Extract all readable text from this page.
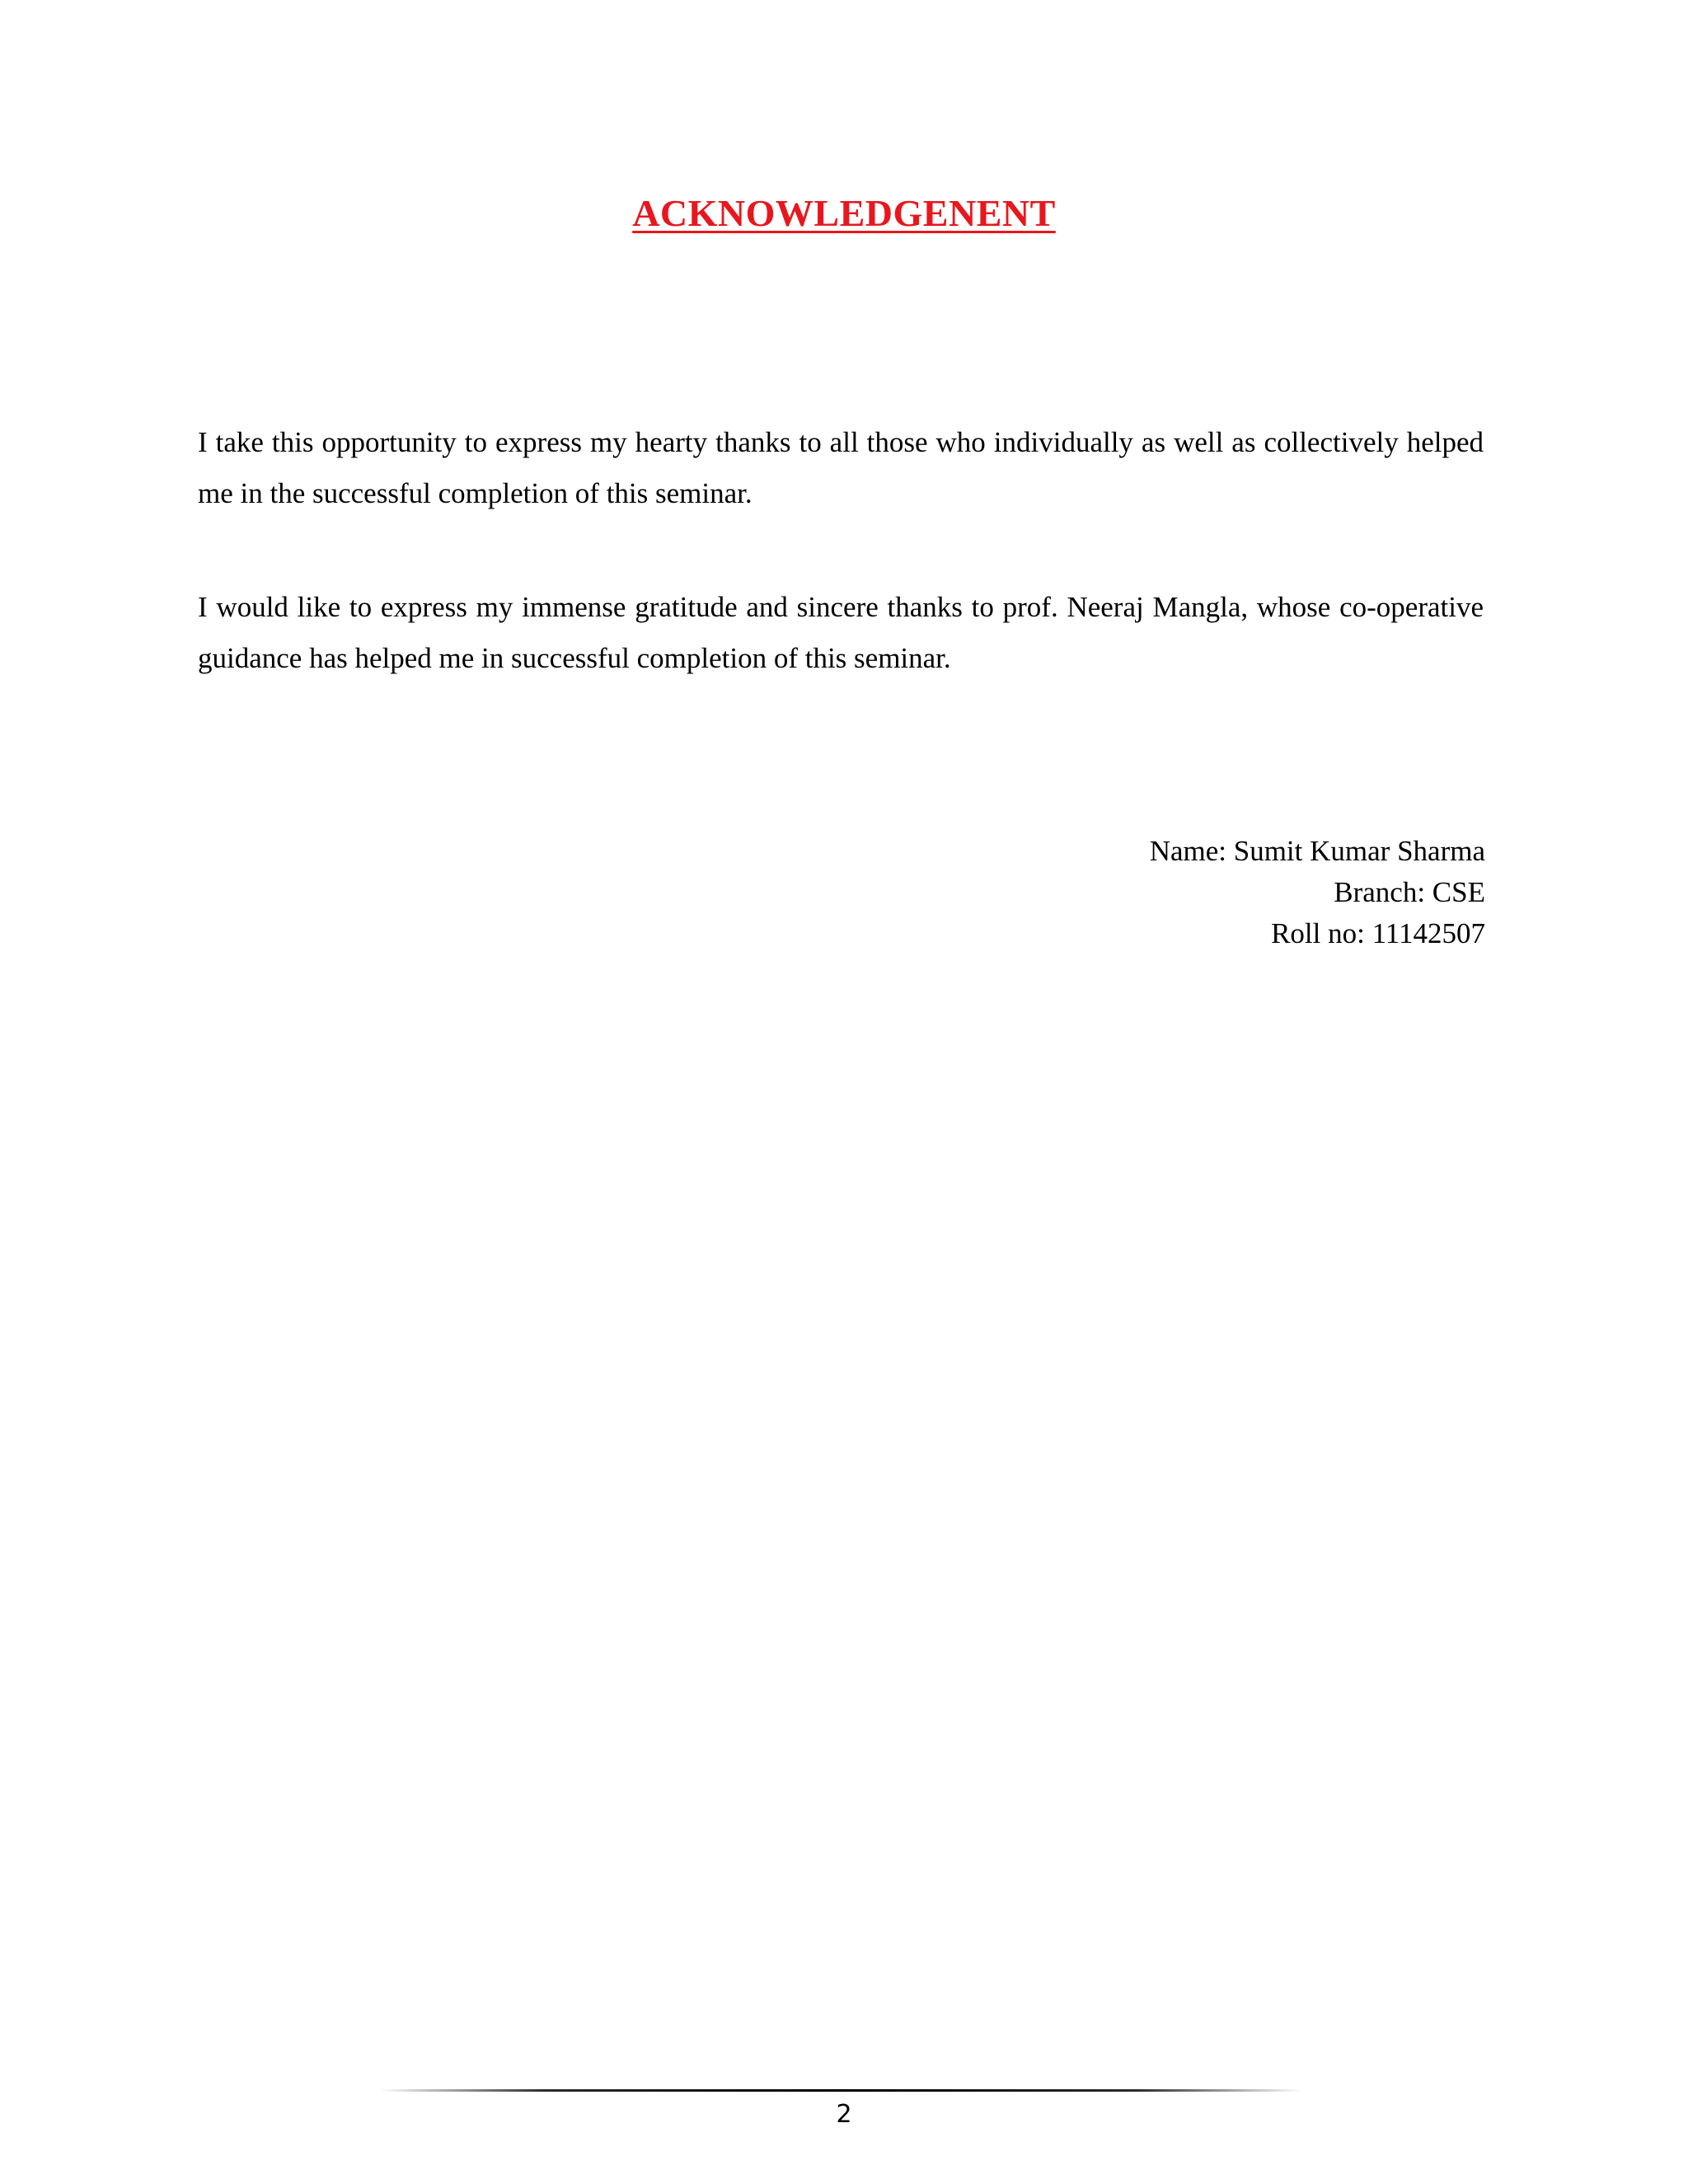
ACKNOWLEDGENENT
I take this opportunity to express my hearty thanks to all those who individually as well as collectively helped me in the successful completion of this seminar.
I would like to express my immense gratitude and sincere thanks to prof. Neeraj Mangla, whose co-operative guidance has helped me in successful completion of this seminar.
Name: Sumit Kumar Sharma
Branch: CSE
Roll no: 11142507
2
